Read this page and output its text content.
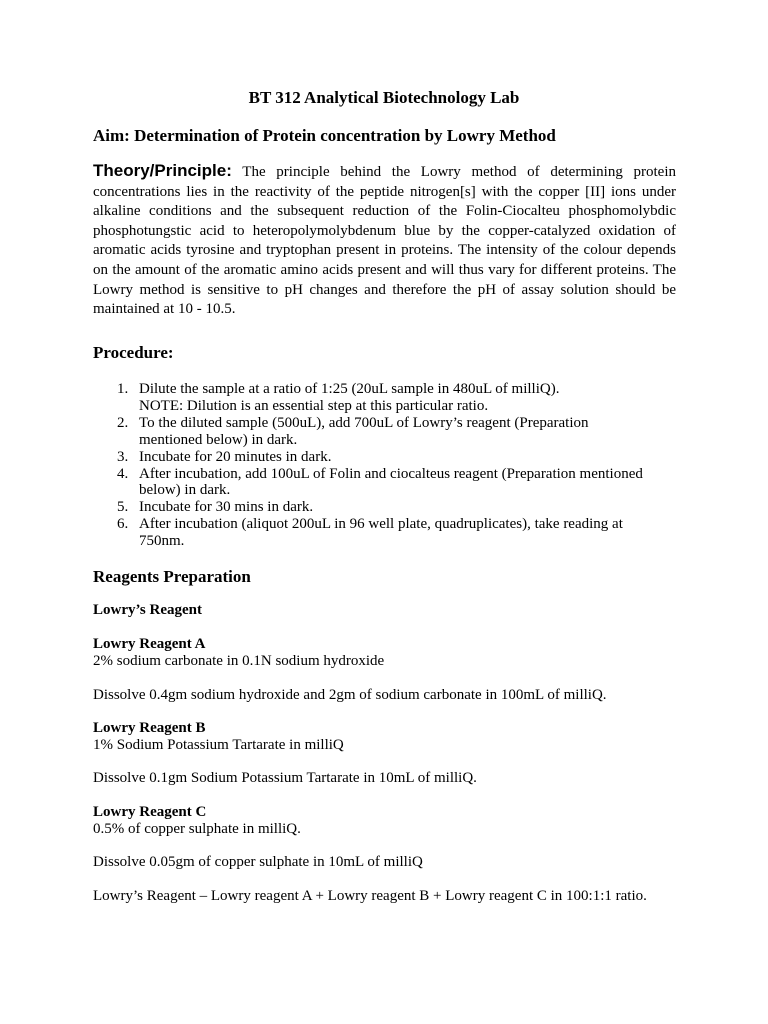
BT 312 Analytical Biotechnology Lab

Aim: Determination of Protein concentration by Lowry Method

Theory/Principle: The principle behind the Lowry method of determining protein concentrations lies in the reactivity of the peptide nitrogen[s] with the copper [II] ions under alkaline conditions and the subsequent reduction of the Folin-Ciocalteu phosphomolybdic phosphotungstic acid to heteropolymolybdenum blue by the copper-catalyzed oxidation of aromatic acids tyrosine and tryptophan present in proteins. The intensity of the colour depends on the amount of the aromatic amino acids present and will thus vary for different proteins. The Lowry method is sensitive to pH changes and therefore the pH of assay solution should be maintained at 10 - 10.5.

Procedure:
1. Dilute the sample at a ratio of 1:25 (20uL sample in 480uL of milliQ).
NOTE: Dilution is an essential step at this particular ratio.
2. To the diluted sample (500uL), add 700uL of Lowry’s reagent (Preparation
mentioned below) in dark.
3. Incubate for 20 minutes in dark.
4. After incubation, add 100uL of Folin and ciocalteus reagent (Preparation mentioned
below) in dark.
5. Incubate for 30 mins in dark.
6. After incubation (aliquot 200uL in 96 well plate, quadruplicates), take reading at
750nm.
Reagents Preparation

Lowry’s Reagent

Lowry Reagent A

2% sodium carbonate in 0.1N sodium hydroxide

Dissolve 0.4gm sodium hydroxide and 2gm of sodium carbonate in 100mL of milliQ.

Lowry Reagent B

1% Sodium Potassium Tartarate in milliQ

Dissolve 0.1gm Sodium Potassium Tartarate in 10mL of milliQ.

Lowry Reagent C

0.5% of copper sulphate in milliQ.

Dissolve 0.05gm of copper sulphate in 10mL of milliQ

Lowry’s Reagent – Lowry reagent A + Lowry reagent B + Lowry reagent C in 100:1:1 ratio.
